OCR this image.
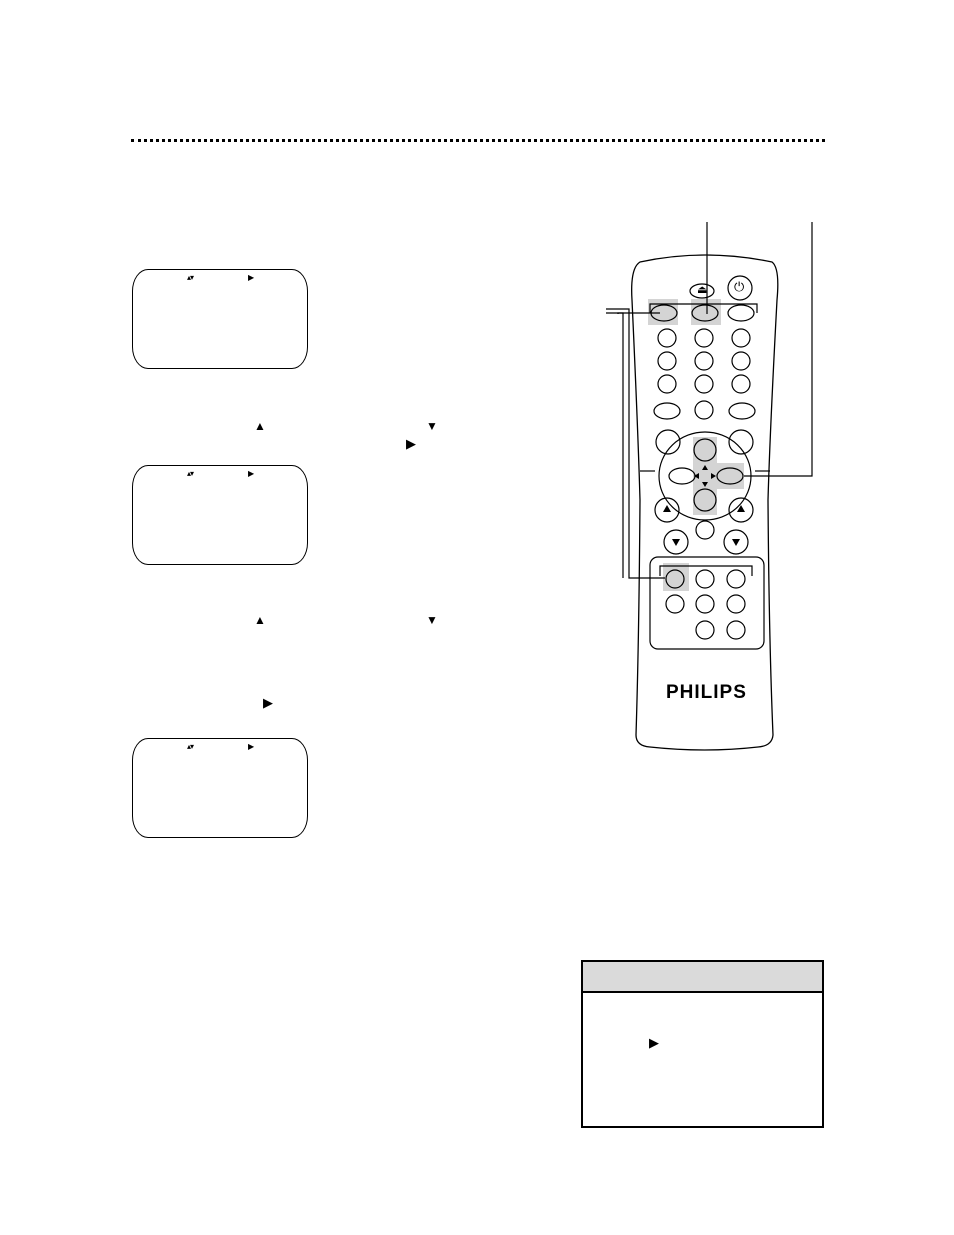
▴▾	▶
▴▾	▶
▴▾	▶
▲	▼
▶
▲	▼
▶
⏏ ⏻
PHILIPS
▶
